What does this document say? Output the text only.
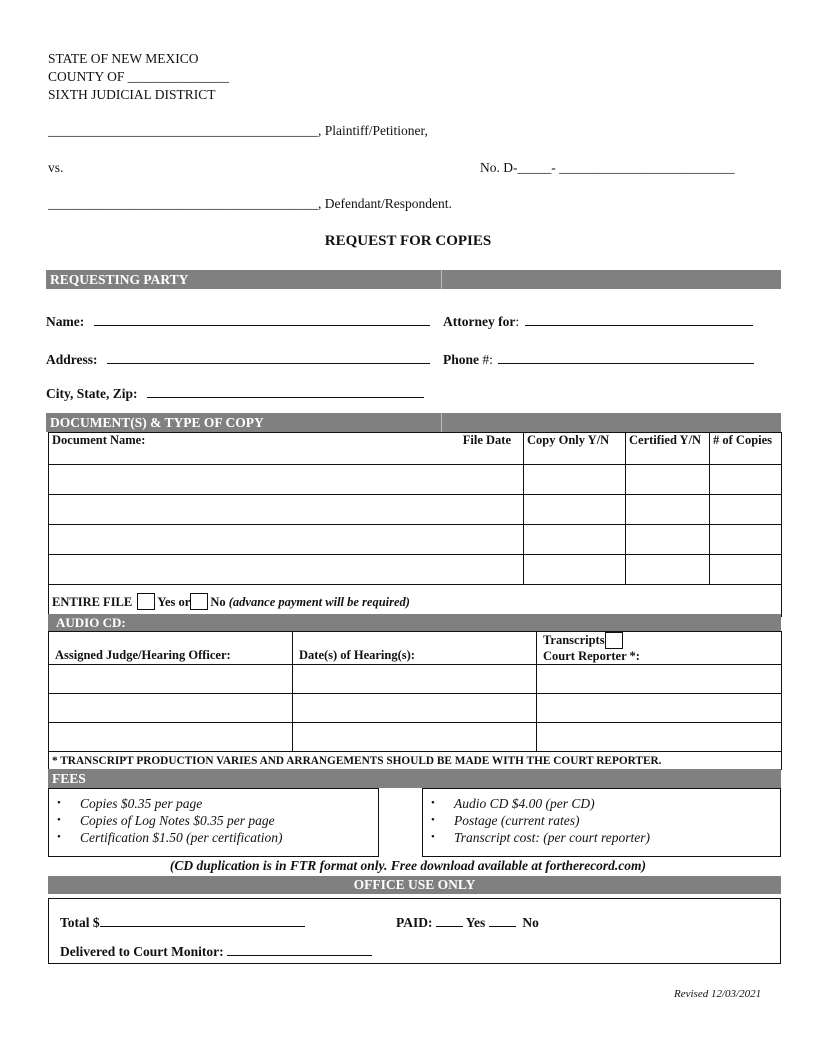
STATE OF NEW MEXICO
COUNTY OF _______________
SIXTH JUDICIAL DISTRICT
________________________________________, Plaintiff/Petitioner,
vs.	No. D-_____- __________________________
________________________________________, Defendant/Respondent.
REQUEST FOR COPIES
REQUESTING PARTY
Name:	Attorney for:
Address:	Phone #:
City, State, Zip:
DOCUMENT(S) & TYPE OF COPY
Document Name: File Date	Copy Only Y/N	Certified Y/N	# of Copies

ENTIRE FILE Yes or No (advance payment will be required)			
AUDIO CD:
Assigned Judge/Hearing Officer:	Date(s) of Hearing(s):	Transcripts
Court Reporter *:

* TRANSCRIPT PRODUCTION VARIES AND ARRANGEMENTS SHOULD BE MADE WITH THE COURT REPORTER.		
FEES
• Copies $0.35 per page
• Copies of Log Notes $0.35 per page
• Certification $1.50 (per certification)
• Audio CD $4.00 (per CD)
• Postage (current rates)
• Transcript cost: (per court reporter)
(CD duplication is in FTR format only. Free download available at fortherecord.com)
OFFICE USE ONLY
Total $	PAID: Yes	No
Delivered to Court Monitor:
Revised 12/03/2021
